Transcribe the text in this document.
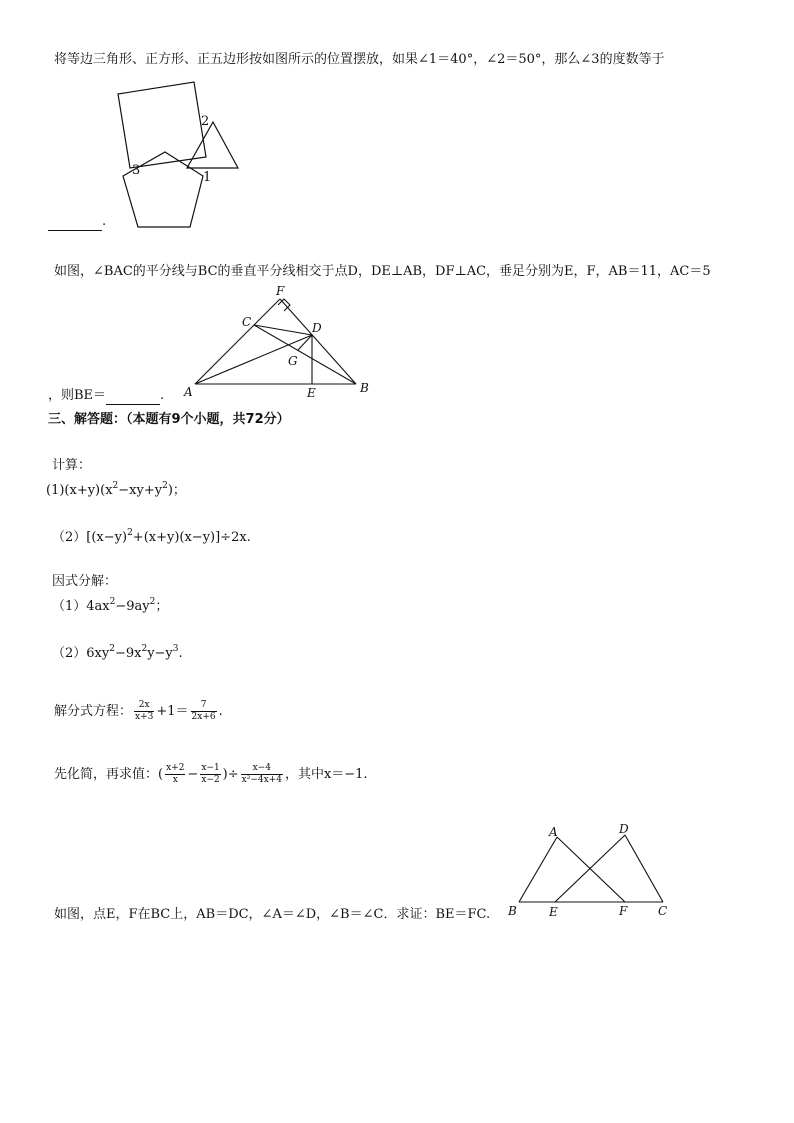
将等边三角形、正方形、正五边形按如图所示的位置摆放，如果∠1＝40°，∠2＝50°，那么∠3的度数等于
2
3	1
.
如图，∠BAC的平分线与BC的垂直平分线相交于点D，DE⊥AB，DF⊥AC，垂足分别为E，F，AB＝11，AC＝5
F
C	D
G
A	E	B
，则BE＝	.
三、解答题：（本题有9个小题，共72分）
计算：
$(1)(x+y)(x^2-xy+y^2)$；
$(2)[(x-y)^2+(x+y)(x-y)]\div 2x$.
因式分解：
$(1)4ax^2-9ay^2$；
$(2)6xy^2-9x^2y-y^3$.
解分式方程： $\frac{2x}{x+3} +1= \frac{7}{2x+6}$ .
先化简，再求值：( $\frac{x+2}{x} - \frac{x-1}{x-2}$ )÷ $\frac{x-4}{\text{x²−4x+4}}$ ，其中x＝−1.
如图，点E，F在BC上，AB＝DC，∠A＝∠D，∠B＝∠C．求证：BE＝FC.
A	D
B	E	F	C
